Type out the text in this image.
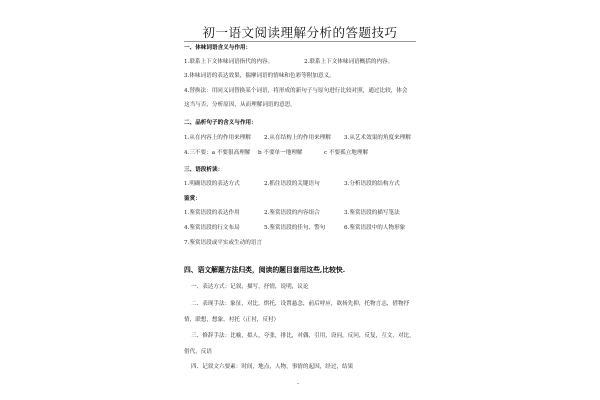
初一语文阅读理解分析的答题技巧
一、体味词语含义与作用：
1.联系上下文体味词语指代的内容。	2.联系上下文体味词语概括的内容。
3.体味词语的表达效果，揣摩词语的情味和色彩等附加意义。
4.替换法：用同义词替换某个词语，将形成的新句子与原句进行比较对照，通过比较，体会
这当与否，分析原因，从而理解词语的意思。
二、品析句子的含义与作用：
1.从在内容上的作用来理解 2.从在结构上的作用来理解 3.从艺术效果的角度来理解
4.三不要：a 不要很高理解 b 不要单一地理解	c 不要孤立地理解
三、语段析读：
1.明确语段的表达方式	2.抓住语段的关键语句	3.分析语段的结构方式
鉴赏：
1.鉴赏语段的表达作用	2.鉴赏语段的内容组合	3.鉴赏语段的描写笔法
4.鉴赏语段的行文布局	5.鉴赏语段的佳句、警句	6.鉴赏语段中的人物形象
7.鉴赏语段或平实或生动的语言
四、语文解题方法归类，阅读的题目套用这些,比较快.
一、表达方式：记叙，描写，抒情，说明，议论
二、表现手法：象征，对比，烘托，设置悬念，前后呼应，欲扬先抑，托物言志，借物抒
情，联想，想象，衬托（正衬，反衬）
三、修辞手法：比喻，拟人，夸张，排比，对偶，引用，设问，反问，反复，互文，对比，
借代，反语
四、记叙文六要素：时间，地点，人物，事情的起因，经过，结果
